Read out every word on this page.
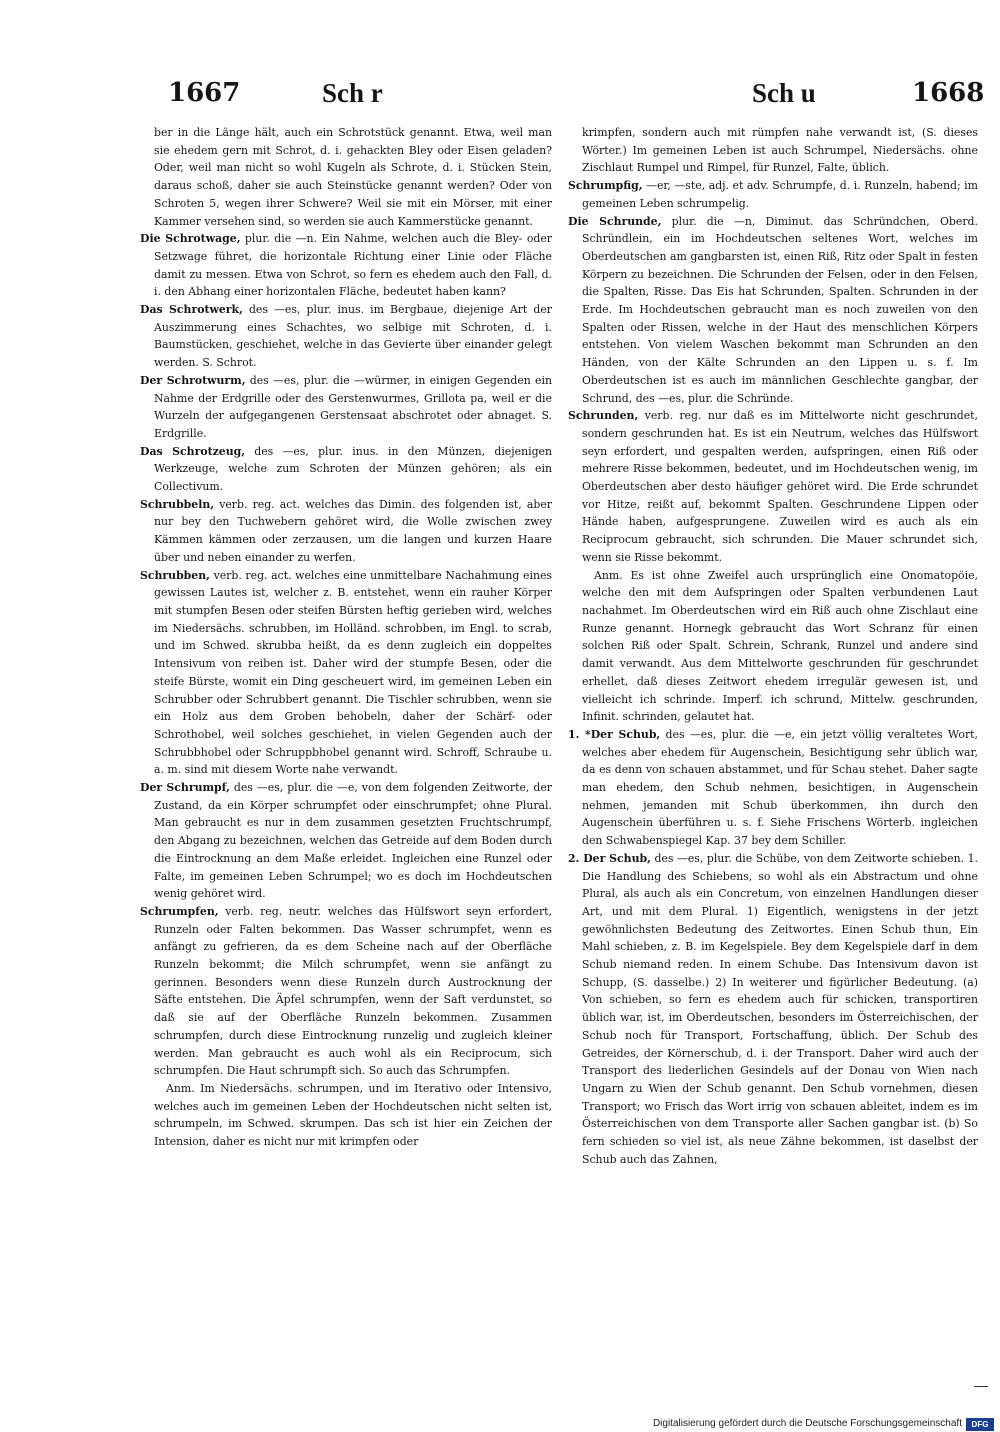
1667	Sch r	Sch u	1668

ber in die Länge hält, auch ein Schrotstück genannt. Etwa, weil man sie ehedem gern mit Schrot, d. i. gehackten Bley oder Eisen geladen? Oder, weil man nicht so wohl Kugeln als Schrote, d. i. Stücken Stein, daraus schoß, daher sie auch Steinstücke genannt werden? Oder von Schroten 5, wegen ihrer Schwere? Weil sie mit ein Mörser, mit einer Kammer versehen sind, so werden sie auch Kammerstücke genannt.

Die Schrotwage, plur. die —n. Ein Nahme, welchen auch die Bley- oder Setzwage führet, die horizontale Richtung einer Linie oder Fläche damit zu messen. Etwa von Schrot, so fern es ehedem auch den Fall, d. i. den Abhang einer horizontalen Fläche, bedeutet haben kann?

Das Schrotwerk, des —es, plur. inus. im Bergbaue, diejenige Art der Auszimmerung eines Schachtes, wo selbige mit Schroten, d. i. Baumstücken, geschiehet, welche in das Gevierte über einander gelegt werden. S. Schrot.

Der Schrotwurm, des —es, plur. die —würmer, in einigen Gegenden ein Nahme der Erdgrille oder des Gerstenwurmes, Grillota pa, weil er die Wurzeln der aufgegangenen Gerstensaat abschrotet oder abnaget. S. Erdgrille.

Das Schrotzeug, des —es, plur. inus. in den Münzen, diejenigen Werkzeuge, welche zum Schroten der Münzen gehören; als ein Collectivum.

Schrubbeln, verb. reg. act. welches das Dimin. des folgenden ist, aber nur bey den Tuchwebern gehöret wird, die Wolle zwischen zwey Kämmen kämmen oder zerzausen, um die langen und kurzen Haare über und neben einander zu werfen.

Schrubben, verb. reg. act. welches eine unmittelbare Nachahmung eines gewissen Lautes ist, welcher z. B. entstehet, wenn ein rauher Körper mit stumpfen Besen oder steifen Bürsten heftig gerieben wird, welches im Niedersächs. schrubben, im Holländ. schrobben, im Engl. to scrab, und im Schwed. skrubba heißt, da es denn zugleich ein doppeltes Intensivum von reiben ist. Daher wird der stumpfe Besen, oder die steife Bürste, womit ein Ding gescheuert wird, im gemeinen Leben ein Schrubber oder Schrubbert genannt. Die Tischler schrubben, wenn sie ein Holz aus dem Groben behobeln, daher der Schärf- oder Schrothobel, weil solches geschiehet, in vielen Gegenden auch der Schrubbhobel oder Schruppbhobel genannt wird. Schroff, Schraube u. a. m. sind mit diesem Worte nahe verwandt.

Der Schrumpf, des —es, plur. die —e, von dem folgenden Zeitworte, der Zustand, da ein Körper schrumpfet oder einschrumpfet; ohne Plural. Man gebraucht es nur in dem zusammen gesetzten Fruchtschrumpf, den Abgang zu bezeichnen, welchen das Getreide auf dem Boden durch die Eintrocknung an dem Maße erleidet. Ingleichen eine Runzel oder Falte, im gemeinen Leben Schrumpel; wo es doch im Hochdeutschen wenig gehöret wird.

Schrumpfen, verb. reg. neutr. welches das Hülfswort seyn erfordert, Runzeln oder Falten bekommen. Das Wasser schrumpfet, wenn es anfängt zu gefrieren, da es dem Scheine nach auf der Oberfläche Runzeln bekommt; die Milch schrumpfet, wenn sie anfängt zu gerinnen. Besonders wenn diese Runzeln durch Austrocknung der Säfte entstehen. Die Äpfel schrumpfen, wenn der Saft verdunstet, so daß sie auf der Oberfläche Runzeln bekommen. Zusammen schrumpfen, durch diese Eintrocknung runzelig und zugleich kleiner werden. Man gebraucht es auch wohl als ein Reciprocum, sich schrumpfen. Die Haut schrumpft sich. So auch das Schrumpfen.

Anm. Im Niedersächs. schrumpen, und im Iterativo oder Intensivo, welches auch im gemeinen Leben der Hochdeutschen nicht selten ist, schrumpeln, im Schwed. skrumpen. Das sch ist hier ein Zeichen der Intension, daher es nicht nur mit krimpfen oder

krimpfen, sondern auch mit rümpfen nahe verwandt ist, (S. dieses Wörter.) Im gemeinen Leben ist auch Schrumpel, Niedersächs. ohne Zischlaut Rumpel und Rimpel, für Runzel, Falte, üblich.

Schrumpfig, —er, —ste, adj. et adv. Schrumpfe, d. i. Runzeln, habend; im gemeinen Leben schrumpelig.

Die Schrunde, plur. die —n, Diminut. das Schründchen, Oberd. Schründlein, ein im Hochdeutschen seltenes Wort, welches im Oberdeutschen am gangbarsten ist, einen Riß, Ritz oder Spalt in festen Körpern zu bezeichnen. Die Schrunden der Felsen, oder in den Felsen, die Spalten, Risse. Das Eis hat Schrunden, Spalten. Schrunden in der Erde. Im Hochdeutschen gebraucht man es noch zuweilen von den Spalten oder Rissen, welche in der Haut des menschlichen Körpers entstehen. Von vielem Waschen bekommt man Schrunden an den Händen, von der Kälte Schrunden an den Lippen u. s. f. Im Oberdeutschen ist es auch im männlichen Geschlechte gangbar, der Schrund, des —es, plur. die Schründe.

Schrunden, verb. reg. nur daß es im Mittelworte nicht geschrundet, sondern geschrunden hat. Es ist ein Neutrum, welches das Hülfswort seyn erfordert, und gespalten werden, aufspringen, einen Riß oder mehrere Risse bekommen, bedeutet, und im Hochdeutschen wenig, im Oberdeutschen aber desto häufiger gehöret wird. Die Erde schrundet vor Hitze, reißt auf, bekommt Spalten. Geschrundene Lippen oder Hände haben, aufgesprungene. Zuweilen wird es auch als ein Reciprocum gebraucht, sich schrunden. Die Mauer schrundet sich, wenn sie Risse bekommt.

Anm. Es ist ohne Zweifel auch ursprünglich eine Onomatopöie, welche den mit dem Aufspringen oder Spalten verbundenen Laut nachahmet. Im Oberdeutschen wird ein Riß auch ohne Zischlaut eine Runze genannt. Hornegk gebraucht das Wort Schranz für einen solchen Riß oder Spalt. Schrein, Schrank, Runzel und andere sind damit verwandt. Aus dem Mittelworte geschrunden für geschrundet erhellet, daß dieses Zeitwort ehedem irregulär gewesen ist, und vielleicht ich schrinde. Imperf. ich schrund, Mittelw. geschrunden, Infinit. schrinden, gelautet hat.

1. *Der Schub, des —es, plur. die —e, ein jetzt völlig veraltetes Wort, welches aber ehedem für Augenschein, Besichtigung sehr üblich war, da es denn von schauen abstammet, und für Schau stehet. Daher sagte man ehedem, den Schub nehmen, besichtigen, in Augenschein nehmen, jemanden mit Schub überkommen, ihn durch den Augenschein überführen u. s. f. Siehe Frischens Wörterb. ingleichen den Schwabenspiegel Kap. 37 bey dem Schiller.

2. Der Schub, des —es, plur. die Schübe, von dem Zeitworte schieben. 1. Die Handlung des Schiebens, so wohl als ein Abstractum und ohne Plural, als auch als ein Concretum, von einzelnen Handlungen dieser Art, und mit dem Plural. 1) Eigentlich, wenigstens in der jetzt gewöhnlichsten Bedeutung des Zeitwortes. Einen Schub thun, Ein Mahl schieben, z. B. im Kegelspiele. Bey dem Kegelspiele darf in dem Schub niemand reden. In einem Schube. Das Intensivum davon ist Schupp, (S. dasselbe.) 2) In weiterer und figürlicher Bedeutung. (a) Von schieben, so fern es ehedem auch für schicken, transportiren üblich war, ist, im Oberdeutschen, besonders im Österreichischen, der Schub noch für Transport, Fortschaffung, üblich. Der Schub des Getreides, der Körnerschub, d. i. der Transport. Daher wird auch der Transport des liederlichen Gesindels auf der Donau von Wien nach Ungarn zu Wien der Schub genannt. Den Schub vornehmen, diesen Transport; wo Frisch das Wort irrig von schauen ableitet, indem es im Österreichischen von dem Transporte aller Sachen gangbar ist. (b) So fern schieden so viel ist, als neue Zähne bekommen, ist daselbst der Schub auch das Zahnen,

Digitalisierung gefördert durch die Deutsche Forschungsgemeinschaft	DFG
